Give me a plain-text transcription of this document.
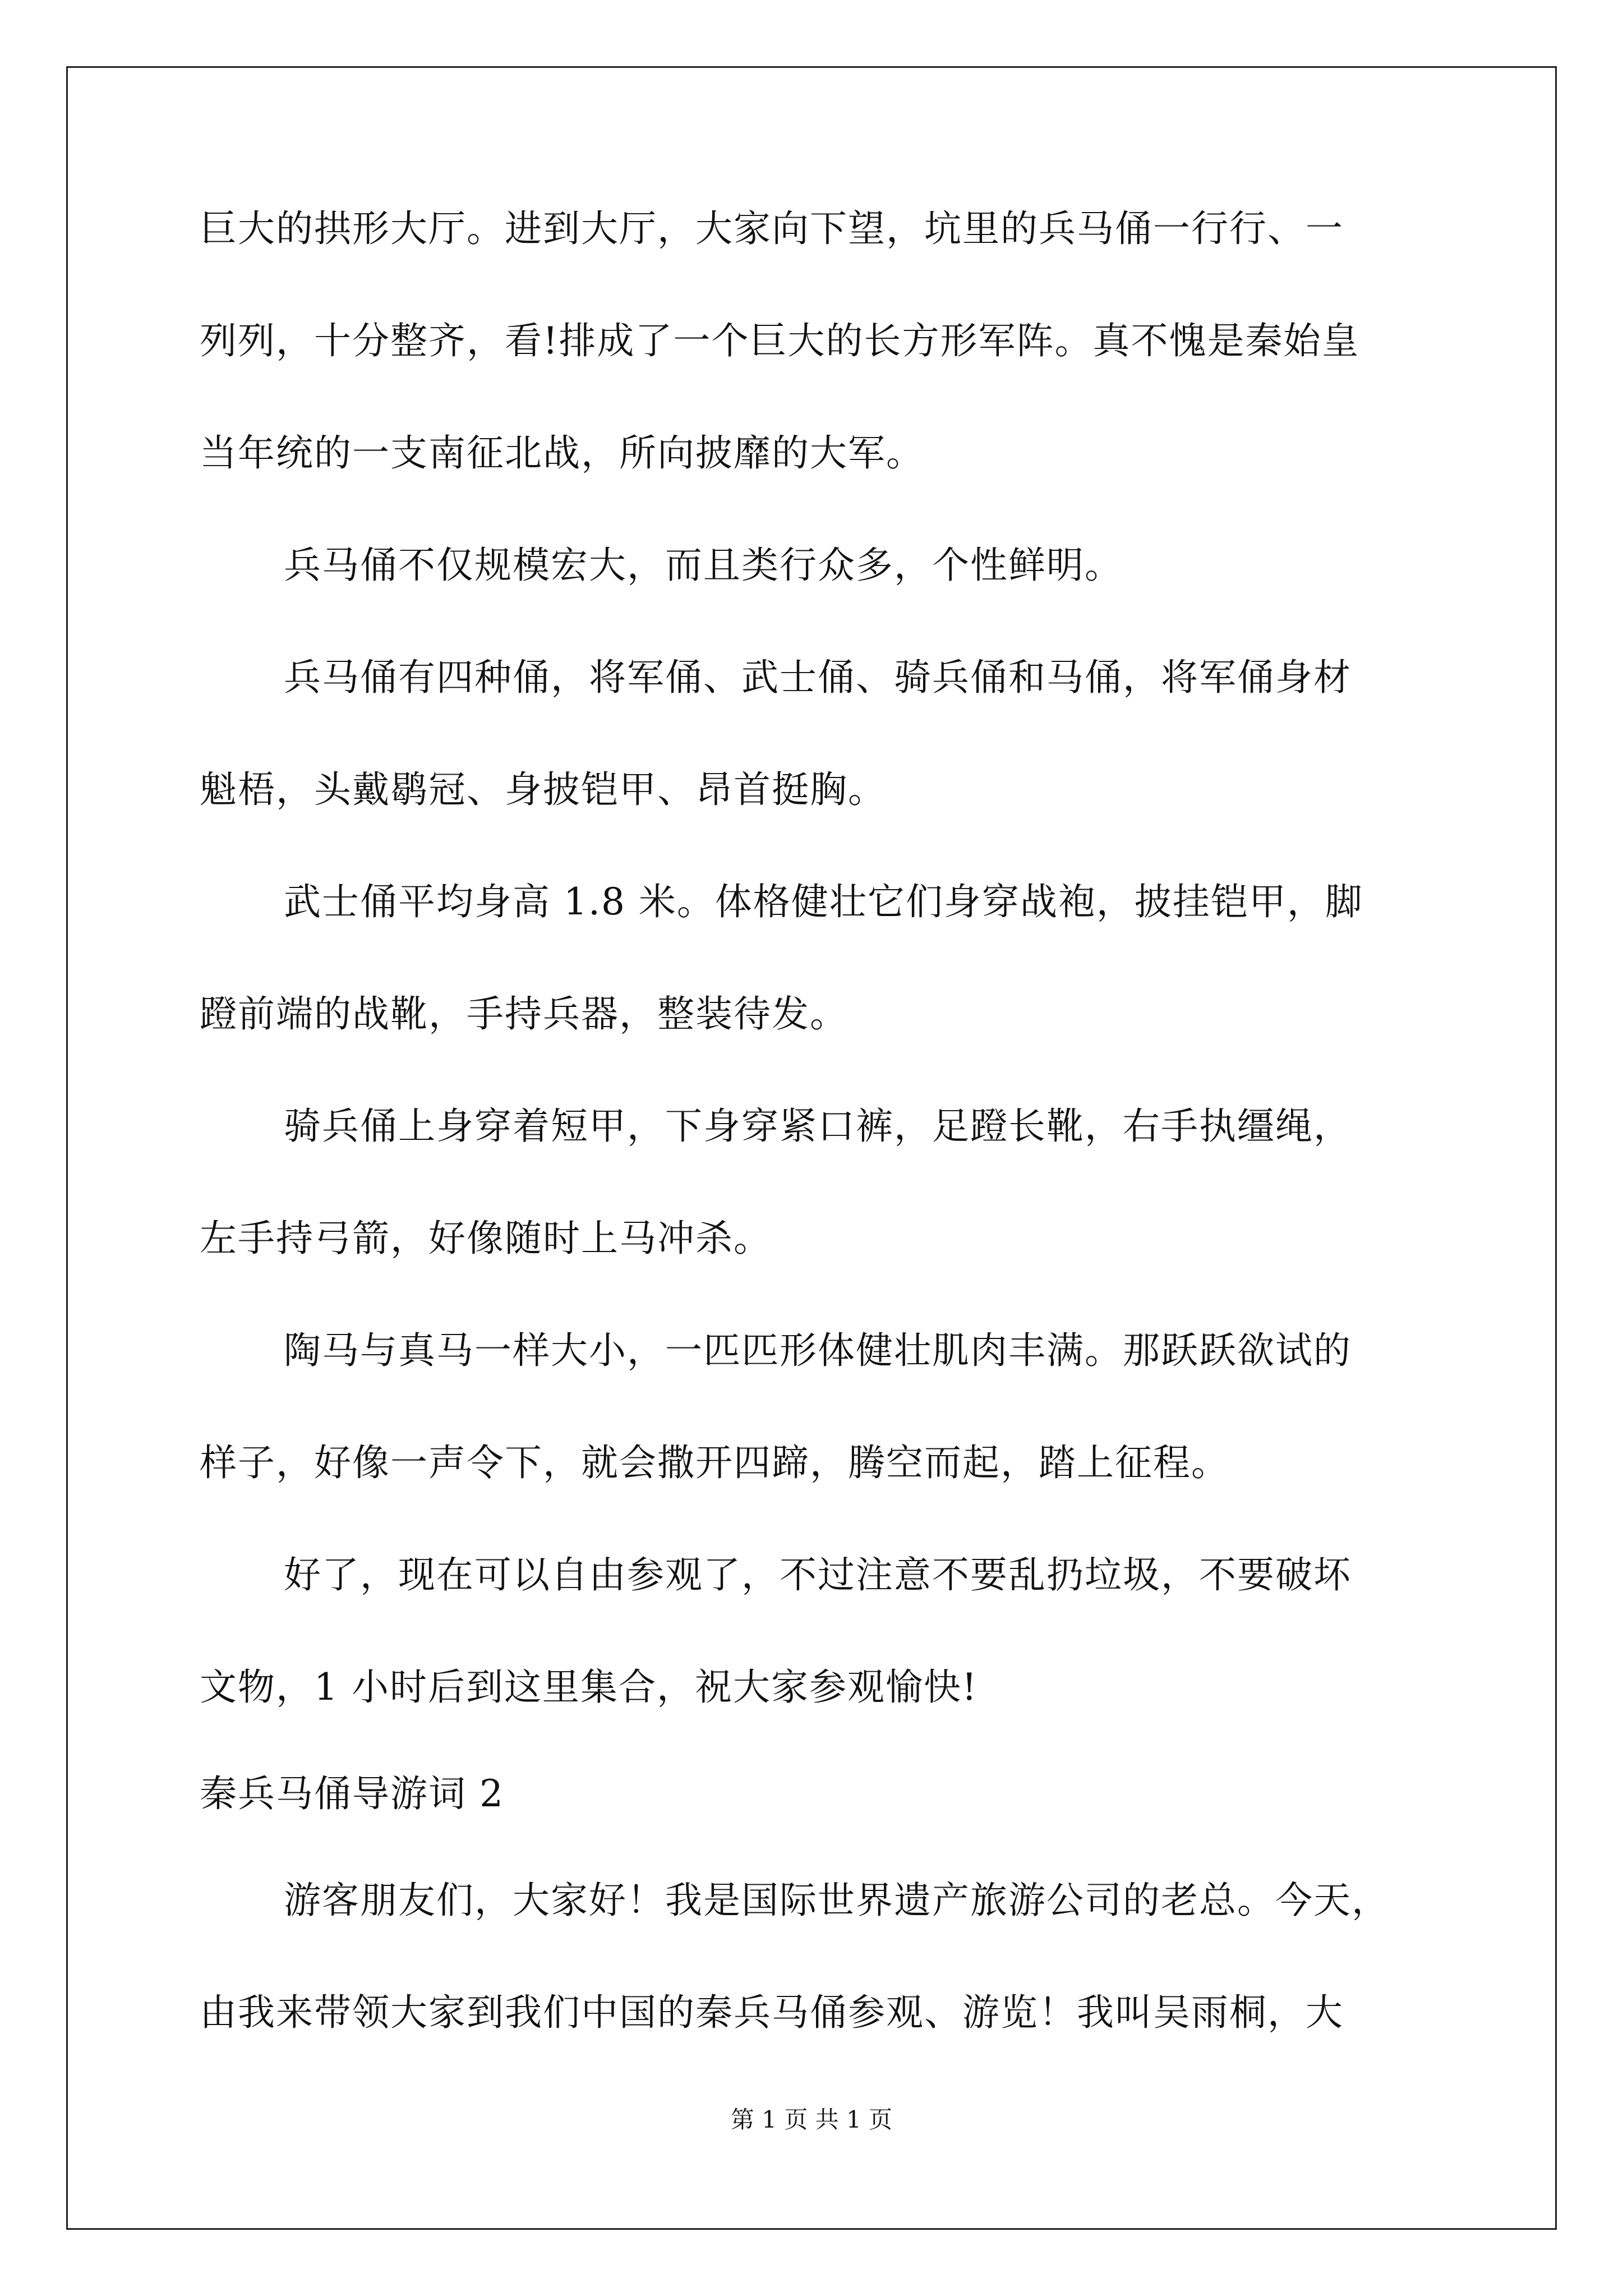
巨大的拱形大厅。进到大厅，大家向下望，坑里的兵马俑一行行、一
列列，十分整齐，看!排成了一个巨大的长方形军阵。真不愧是秦始皇
当年统的一支南征北战，所向披靡的大军。
兵马俑不仅规模宏大，而且类行众多，个性鲜明。
兵马俑有四种俑，将军俑、武士俑、骑兵俑和马俑，将军俑身材
魁梧，头戴鹖冠、身披铠甲、昂首挺胸。
武士俑平均身高 1.8 米。体格健壮它们身穿战袍，披挂铠甲，脚
蹬前端的战靴，手持兵器，整装待发。
骑兵俑上身穿着短甲，下身穿紧口裤，足蹬长靴，右手执缰绳，
左手持弓箭，好像随时上马冲杀。
陶马与真马一样大小，一匹匹形体健壮肌肉丰满。那跃跃欲试的
样子，好像一声令下，就会撒开四蹄，腾空而起，踏上征程。
好了，现在可以自由参观了，不过注意不要乱扔垃圾，不要破坏
文物，1 小时后到这里集合，祝大家参观愉快!
秦兵马俑导游词 2
游客朋友们，大家好！我是国际世界遗产旅游公司的老总。今天，
由我来带领大家到我们中国的秦兵马俑参观、游览！我叫吴雨桐，大
第 1 页 共 1 页
